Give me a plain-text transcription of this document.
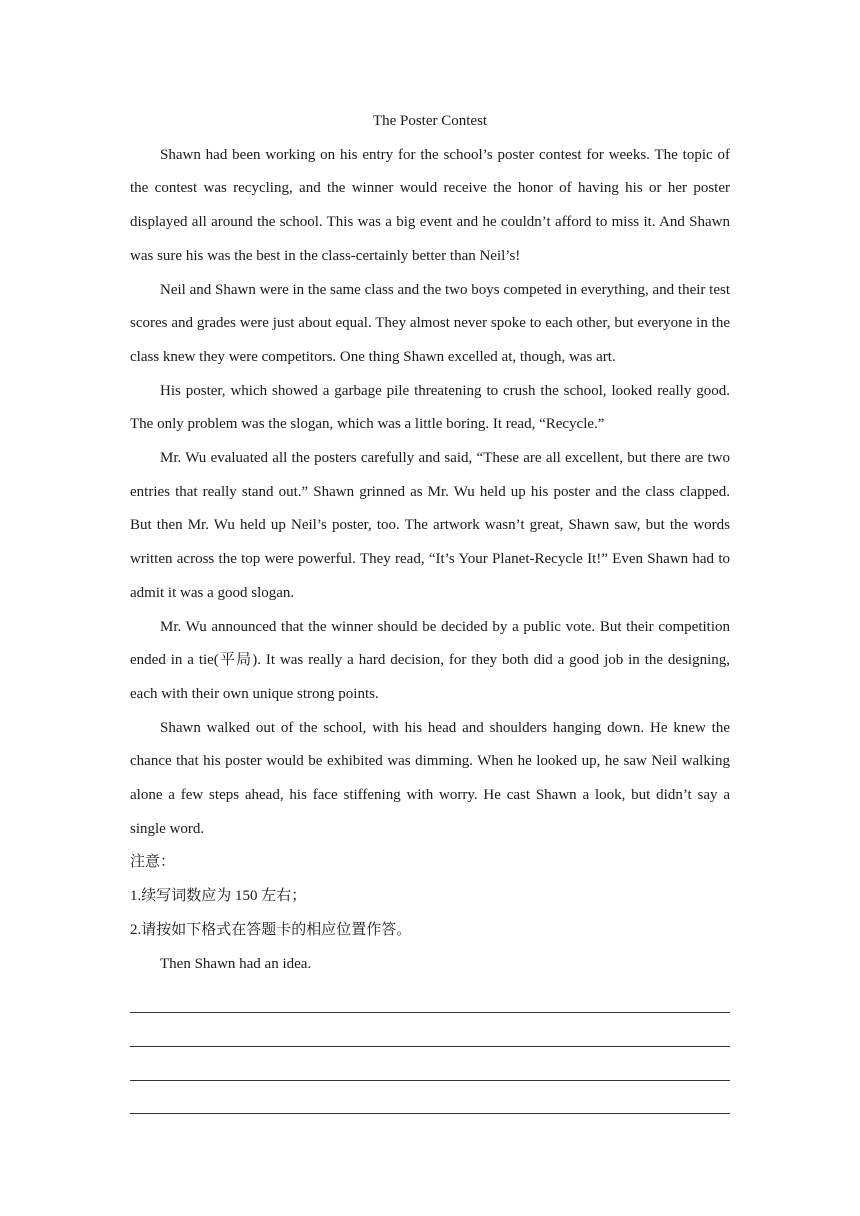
The Poster Contest

Shawn had been working on his entry for the school’s poster contest for weeks. The topic of the contest was recycling, and the winner would receive the honor of having his or her poster displayed all around the school. This was a big event and he couldn’t afford to miss it. And Shawn was sure his was the best in the class-certainly better than Neil’s!

Neil and Shawn were in the same class and the two boys competed in everything, and their test scores and grades were just about equal. They almost never spoke to each other, but everyone in the class knew they were competitors. One thing Shawn excelled at, though, was art.

His poster, which showed a garbage pile threatening to crush the school, looked really good. The only problem was the slogan, which was a little boring. It read, “Recycle.”

Mr. Wu evaluated all the posters carefully and said, “These are all excellent, but there are two entries that really stand out.” Shawn grinned as Mr. Wu held up his poster and the class clapped. But then Mr. Wu held up Neil’s poster, too. The artwork wasn’t great, Shawn saw, but the words written across the top were powerful. They read, “It’s Your Planet-Recycle It!” Even Shawn had to admit it was a good slogan.

Mr. Wu announced that the winner should be decided by a public vote. But their competition ended in a tie(平局). It was really a hard decision, for they both did a good job in the designing, each with their own unique strong points.

Shawn walked out of the school, with his head and shoulders hanging down. He knew the chance that his poster would be exhibited was dimming. When he looked up, he saw Neil walking alone a few steps ahead, his face stiffening with worry. He cast Shawn a look, but didn’t say a single word.

注意：

1.续写词数应为 150 左右；

2.请按如下格式在答题卡的相应位置作答。

Then Shawn had an idea.
